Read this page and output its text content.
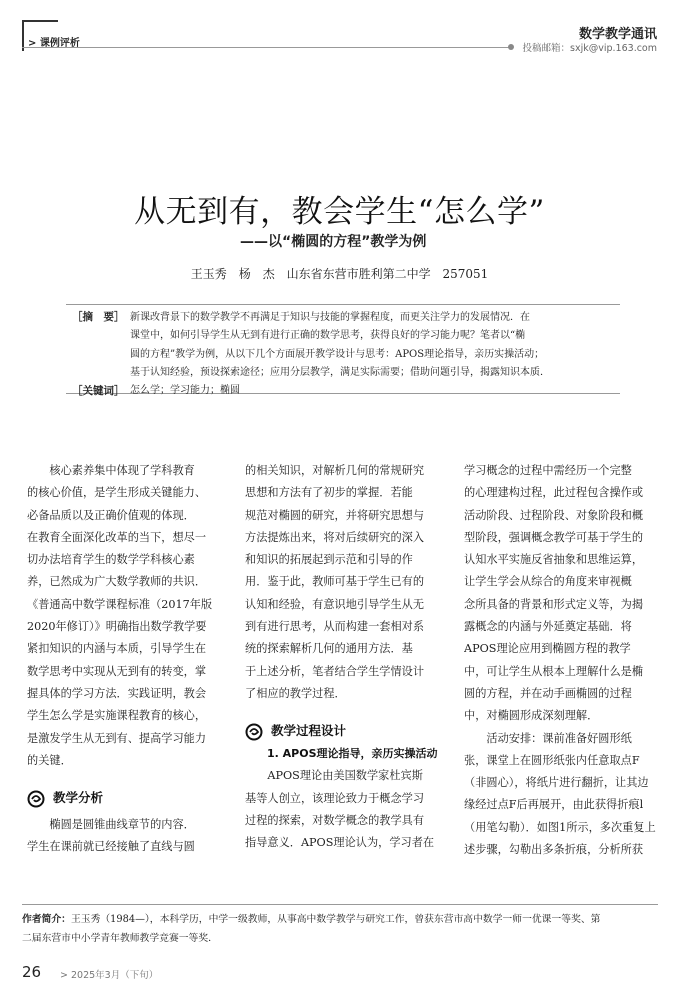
> 课例评析
数学教学通讯
投稿邮箱：sxjk@vip.163.com
从无到有，教会学生“怎么学”
——以“椭圆的方程”教学为例
王玉秀　杨　杰 山东省东营市胜利第二中学 257051
［摘　要］ 新课改背景下的数学教学不再满足于知识与技能的掌握程度，而更关注学力的发展情况．在
课堂中，如何引导学生从无到有进行正确的数学思考，获得良好的学习能力呢？笔者以“椭
圆的方程”教学为例，从以下几个方面展开教学设计与思考：APOS理论指导，亲历实操活动；
基于认知经验，预设探索途径；应用分层教学，满足实际需要；借助问题引导，揭露知识本质．
［关键词］ 怎么学；学习能力；椭圆
　　核心素养集中体现了学科教育
的核心价值，是学生形成关键能力、
必备品质以及正确价值观的体现．
在教育全面深化改革的当下，想尽一
切办法培育学生的数学学科核心素
养，已然成为广大数学教师的共识．
《普通高中数学课程标准（2017年版
2020年修订）》明确指出数学教学要
紧扣知识的内涵与本质，引导学生在
数学思考中实现从无到有的转变，掌
握具体的学习方法．实践证明，教会
学生怎么学是实施课程教育的核心，
是激发学生从无到有、提高学习能力
的关键．
教学分析
　　椭圆是圆锥曲线章节的内容．
学生在课前就已经接触了直线与圆
的相关知识，对解析几何的常规研究
思想和方法有了初步的掌握．若能
规范对椭圆的研究，并将研究思想与
方法提炼出来，将对后续研究的深入
和知识的拓展起到示范和引导的作
用．鉴于此，教师可基于学生已有的
认知和经验，有意识地引导学生从无
到有进行思考，从而构建一套相对系
统的探索解析几何的通用方法．基
于上述分析，笔者结合学生学情设计
了相应的教学过程．
教学过程设计
1. APOS理论指导，亲历实操活动
　　APOS理论由美国数学家杜宾斯
基等人创立，该理论致力于概念学习
过程的探索，对数学概念的教学具有
指导意义．APOS理论认为，学习者在
学习概念的过程中需经历一个完整
的心理建构过程，此过程包含操作或
活动阶段、过程阶段、对象阶段和概
型阶段，强调概念教学可基于学生的
认知水平实施反省抽象和思维运算，
让学生学会从综合的角度来审视概
念所具备的背景和形式定义等，为揭
露概念的内涵与外延奠定基础．将
APOS理论应用到椭圆方程的教学
中，可让学生从根本上理解什么是椭
圆的方程，并在动手画椭圆的过程
中，对椭圆形成深刻理解．
　　活动安排：课前准备好圆形纸
张，课堂上在圆形纸张内任意取点F
（非圆心），将纸片进行翻折，让其边
缘经过点F后再展开，由此获得折痕l
（用笔勾勒）．如图1所示，多次重复上
述步骤，勾勒出多条折痕，分析所获
作者简介：王玉秀（1984—），本科学历，中学一级教师，从事高中数学教学与研究工作，曾获东营市高中数学一师一优课一等奖、第
二届东营市中小学青年教师教学竞赛一等奖．
26 > 2025年3月（下旬）
